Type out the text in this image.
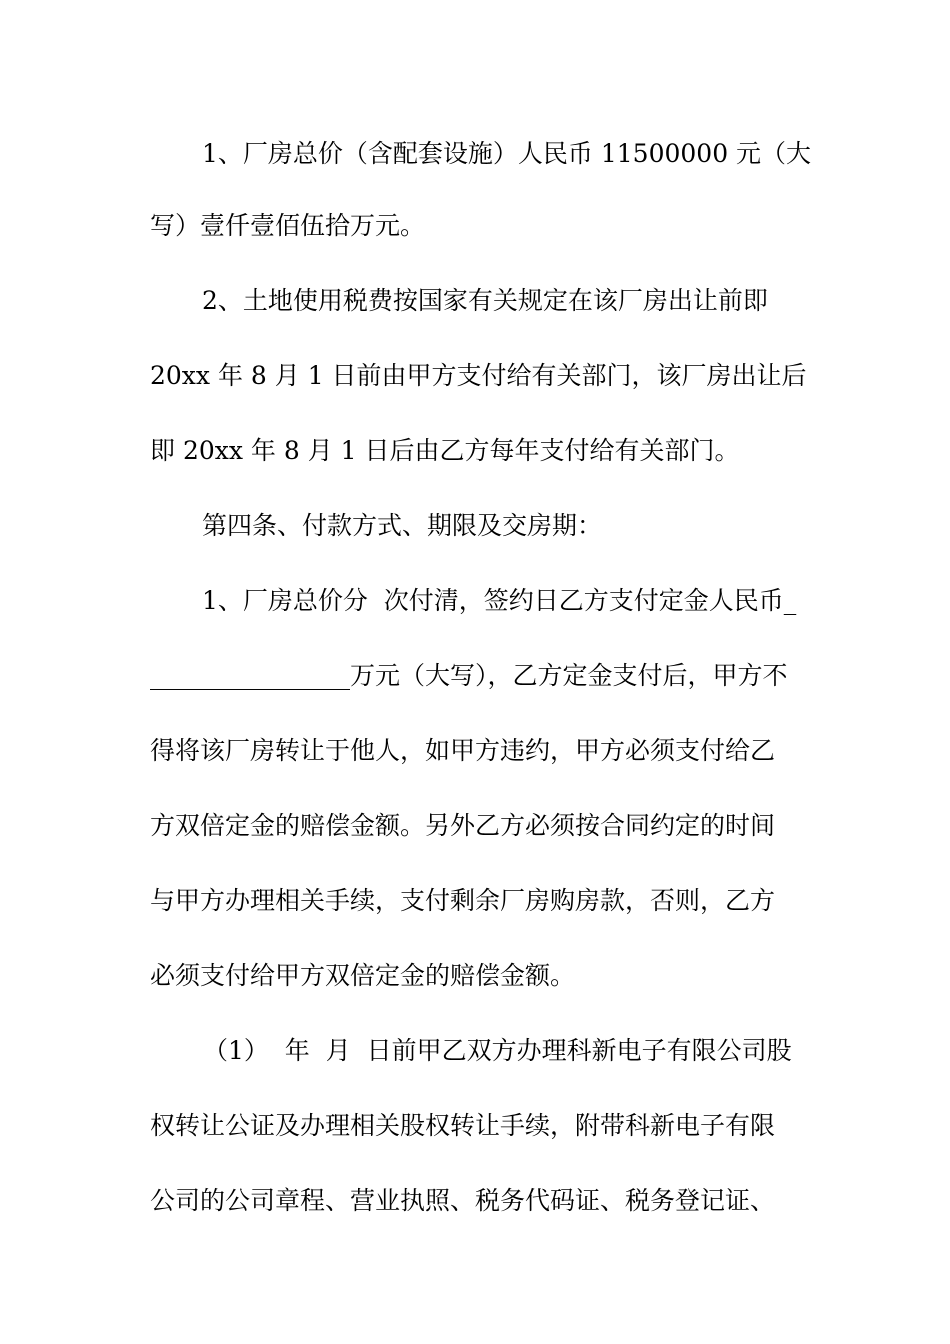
1、厂房总价（含配套设施）人民币 11500000 元（大
写）壹仟壹佰伍拾万元。
2、土地使用税费按国家有关规定在该厂房出让前即
20xx 年 8 月 1 日前由甲方支付给有关部门，该厂房出让后
即 20xx 年 8 月 1 日后由乙方每年支付给有关部门。
第四条、付款方式、期限及交房期：
1、厂房总价分  次付清，签约日乙方支付定金人民币_
________________万元（大写），乙方定金支付后，甲方不
得将该厂房转让于他人，如甲方违约，甲方必须支付给乙
方双倍定金的赔偿金额。另外乙方必须按合同约定的时间
与甲方办理相关手续，支付剩余厂房购房款，否则，乙方
必须支付给甲方双倍定金的赔偿金额。
（1）  年  月  日前甲乙双方办理科新电子有限公司股
权转让公证及办理相关股权转让手续，附带科新电子有限
公司的公司章程、营业执照、税务代码证、税务登记证、
